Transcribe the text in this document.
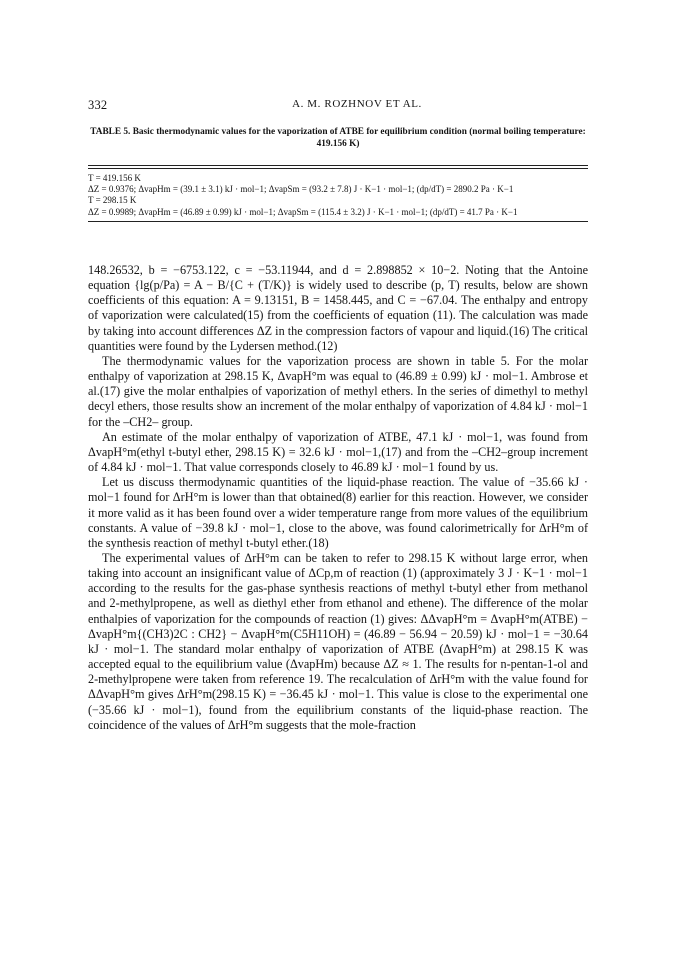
332	A. M. ROZHNOV ET AL.
TABLE 5. Basic thermodynamic values for the vaporization of ATBE for equilibrium condition (normal boiling temperature: 419.156 K)
T = 419.156 K
ΔZ = 0.9376; ΔvapHm = (39.1 ± 3.1) kJ · mol−1; ΔvapSm = (93.2 ± 7.8) J · K−1 · mol−1; (dp/dT) = 2890.2 Pa · K−1
T = 298.15 K
ΔZ = 0.9989; ΔvapHm = (46.89 ± 0.99) kJ · mol−1; ΔvapSm = (115.4 ± 3.2) J · K−1 · mol−1; (dp/dT) = 41.7 Pa · K−1

148.26532, b = −6753.122, c = −53.11944, and d = 2.898852 × 10−2. Noting that the Antoine equation {lg(p/Pa) = A − B/{C + (T/K)} is widely used to describe (p, T) results, below are shown coefficients of this equation: A = 9.13151, B = 1458.445, and C = −67.04. The enthalpy and entropy of vaporization were calculated(15) from the coefficients of equation (11). The calculation was made by taking into account differences ΔZ in the compression factors of vapour and liquid.(16) The critical quantities were found by the Lydersen method.(12)

The thermodynamic values for the vaporization process are shown in table 5. For the molar enthalpy of vaporization at 298.15 K, ΔvapH°m was equal to (46.89 ± 0.99) kJ · mol−1. Ambrose et al.(17) give the molar enthalpies of vaporization of methyl ethers. In the series of dimethyl to methyl decyl ethers, those results show an increment of the molar enthalpy of vaporization of 4.84 kJ · mol−1 for the –CH2– group.

An estimate of the molar enthalpy of vaporization of ATBE, 47.1 kJ · mol−1, was found from ΔvapH°m(ethyl t-butyl ether, 298.15 K) = 32.6 kJ · mol−1,(17) and from the –CH2–group increment of 4.84 kJ · mol−1. That value corresponds closely to 46.89 kJ · mol−1 found by us.

Let us discuss thermodynamic quantities of the liquid-phase reaction. The value of −35.66 kJ · mol−1 found for ΔrH°m is lower than that obtained(8) earlier for this reaction. However, we consider it more valid as it has been found over a wider temperature range from more values of the equilibrium constants. A value of −39.8 kJ · mol−1, close to the above, was found calorimetrically for ΔrH°m of the synthesis reaction of methyl t-butyl ether.(18)

The experimental values of ΔrH°m can be taken to refer to 298.15 K without large error, when taking into account an insignificant value of ΔCp,m of reaction (1) (approximately 3 J · K−1 · mol−1 according to the results for the gas-phase synthesis reactions of methyl t-butyl ether from methanol and 2-methylpropene, as well as diethyl ether from ethanol and ethene). The difference of the molar enthalpies of vaporization for the compounds of reaction (1) gives: ΔΔvapH°m = ΔvapH°m(ATBE) − ΔvapH°m{(CH3)2C : CH2} − ΔvapH°m(C5H11OH) = (46.89 − 56.94 − 20.59) kJ · mol−1 = −30.64 kJ · mol−1. The standard molar enthalpy of vaporization of ATBE (ΔvapH°m) at 298.15 K was accepted equal to the equilibrium value (ΔvapHm) because ΔZ ≈ 1. The results for n-pentan-1-ol and 2-methylpropene were taken from reference 19. The recalculation of ΔrH°m with the value found for ΔΔvapH°m gives ΔrH°m(298.15 K) = −36.45 kJ · mol−1. This value is close to the experimental one (−35.66 kJ · mol−1), found from the equilibrium constants of the liquid-phase reaction. The coincidence of the values of ΔrH°m suggests that the mole-fraction
